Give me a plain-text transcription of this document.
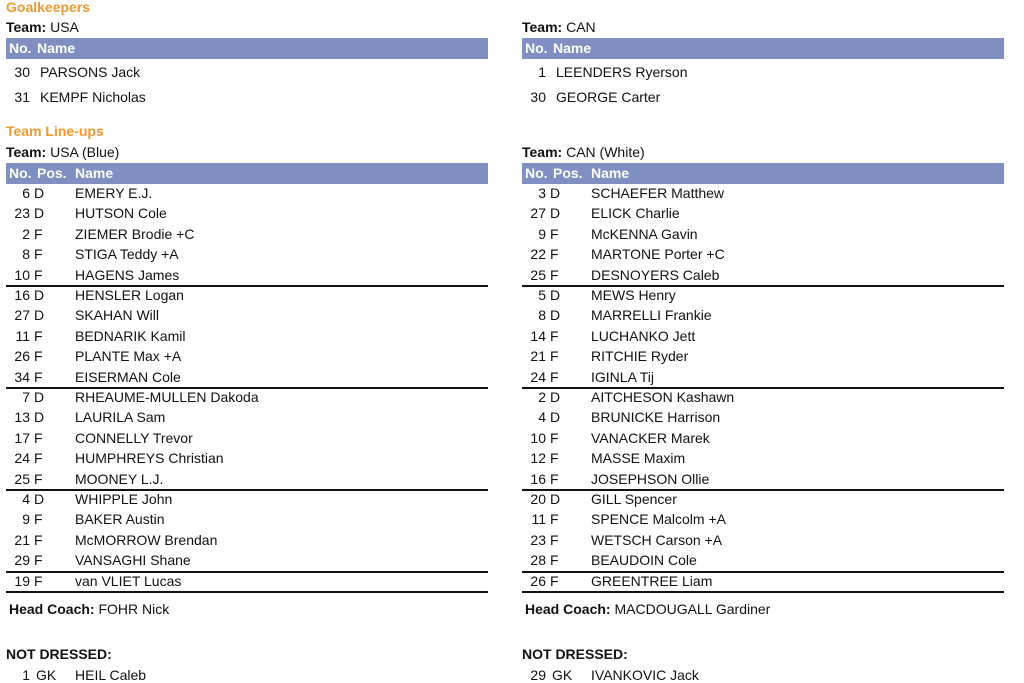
Goalkeepers
Team: USA
No. Name
30 PARSONS Jack
31 KEMPF Nicholas
Team Line-ups
Team: USA (Blue)
No. Pos. Name
6 D EMERY E.J.
23 D HUTSON Cole
2 F ZIEMER Brodie +C
8 F STIGA Teddy +A
10 F HAGENS James
16 D HENSLER Logan
27 D SKAHAN Will
11 F BEDNARIK Kamil
26 F PLANTE Max +A
34 F EISERMAN Cole
7 D RHEAUME-MULLEN Dakoda
13 D LAURILA Sam
17 F CONNELLY Trevor
24 F HUMPHREYS Christian
25 F MOONEY L.J.
4 D WHIPPLE John
9 F BAKER Austin
21 F McMORROW Brendan
29 F VANSAGHI Shane
19 F van VLIET Lucas
Head Coach: FOHR Nick
NOT DRESSED:
1 GK HEIL Caleb
Team: CAN
No. Name
1 LEENDERS Ryerson
30 GEORGE Carter
Team: CAN (White)
No. Pos. Name
3 D SCHAEFER Matthew
27 D ELICK Charlie
9 F McKENNA Gavin
22 F MARTONE Porter +C
25 F DESNOYERS Caleb
5 D MEWS Henry
8 D MARRELLI Frankie
14 F LUCHANKO Jett
21 F RITCHIE Ryder
24 F IGINLA Tij
2 D AITCHESON Kashawn
4 D BRUNICKE Harrison
10 F VANACKER Marek
12 F MASSE Maxim
16 F JOSEPHSON Ollie
20 D GILL Spencer
11 F SPENCE Malcolm +A
23 F WETSCH Carson +A
28 F BEAUDOIN Cole
26 F GREENTREE Liam
Head Coach: MACDOUGALL Gardiner
NOT DRESSED:
29 GK IVANKOVIC Jack
